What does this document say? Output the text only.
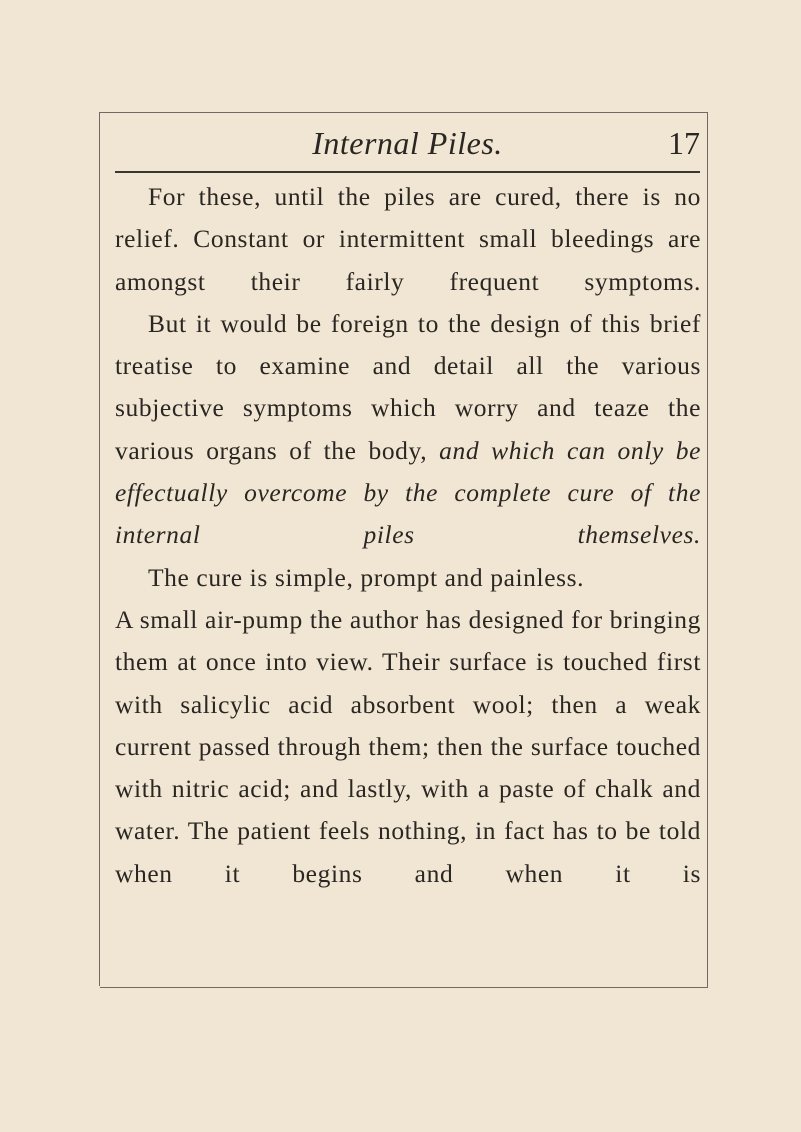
Internal Piles.	17

For these, until the piles are cured, there is no relief. Constant or intermittent small bleedings are amongst their fairly frequent symptoms.

But it would be foreign to the design of this brief treatise to examine and detail all the various subjective symptoms which worry and teaze the various organs of the body, and which can only be effectually overcome by the complete cure of the internal piles themselves.

The cure is simple, prompt and painless.

A small air-pump the author has designed for bringing them at once into view. Their surface is touched first with salicylic acid absorbent wool; then a weak current passed through them; then the surface touched with nitric acid; and lastly, with a paste of chalk and water. The patient feels nothing, in fact has to be told when it begins and when it is
